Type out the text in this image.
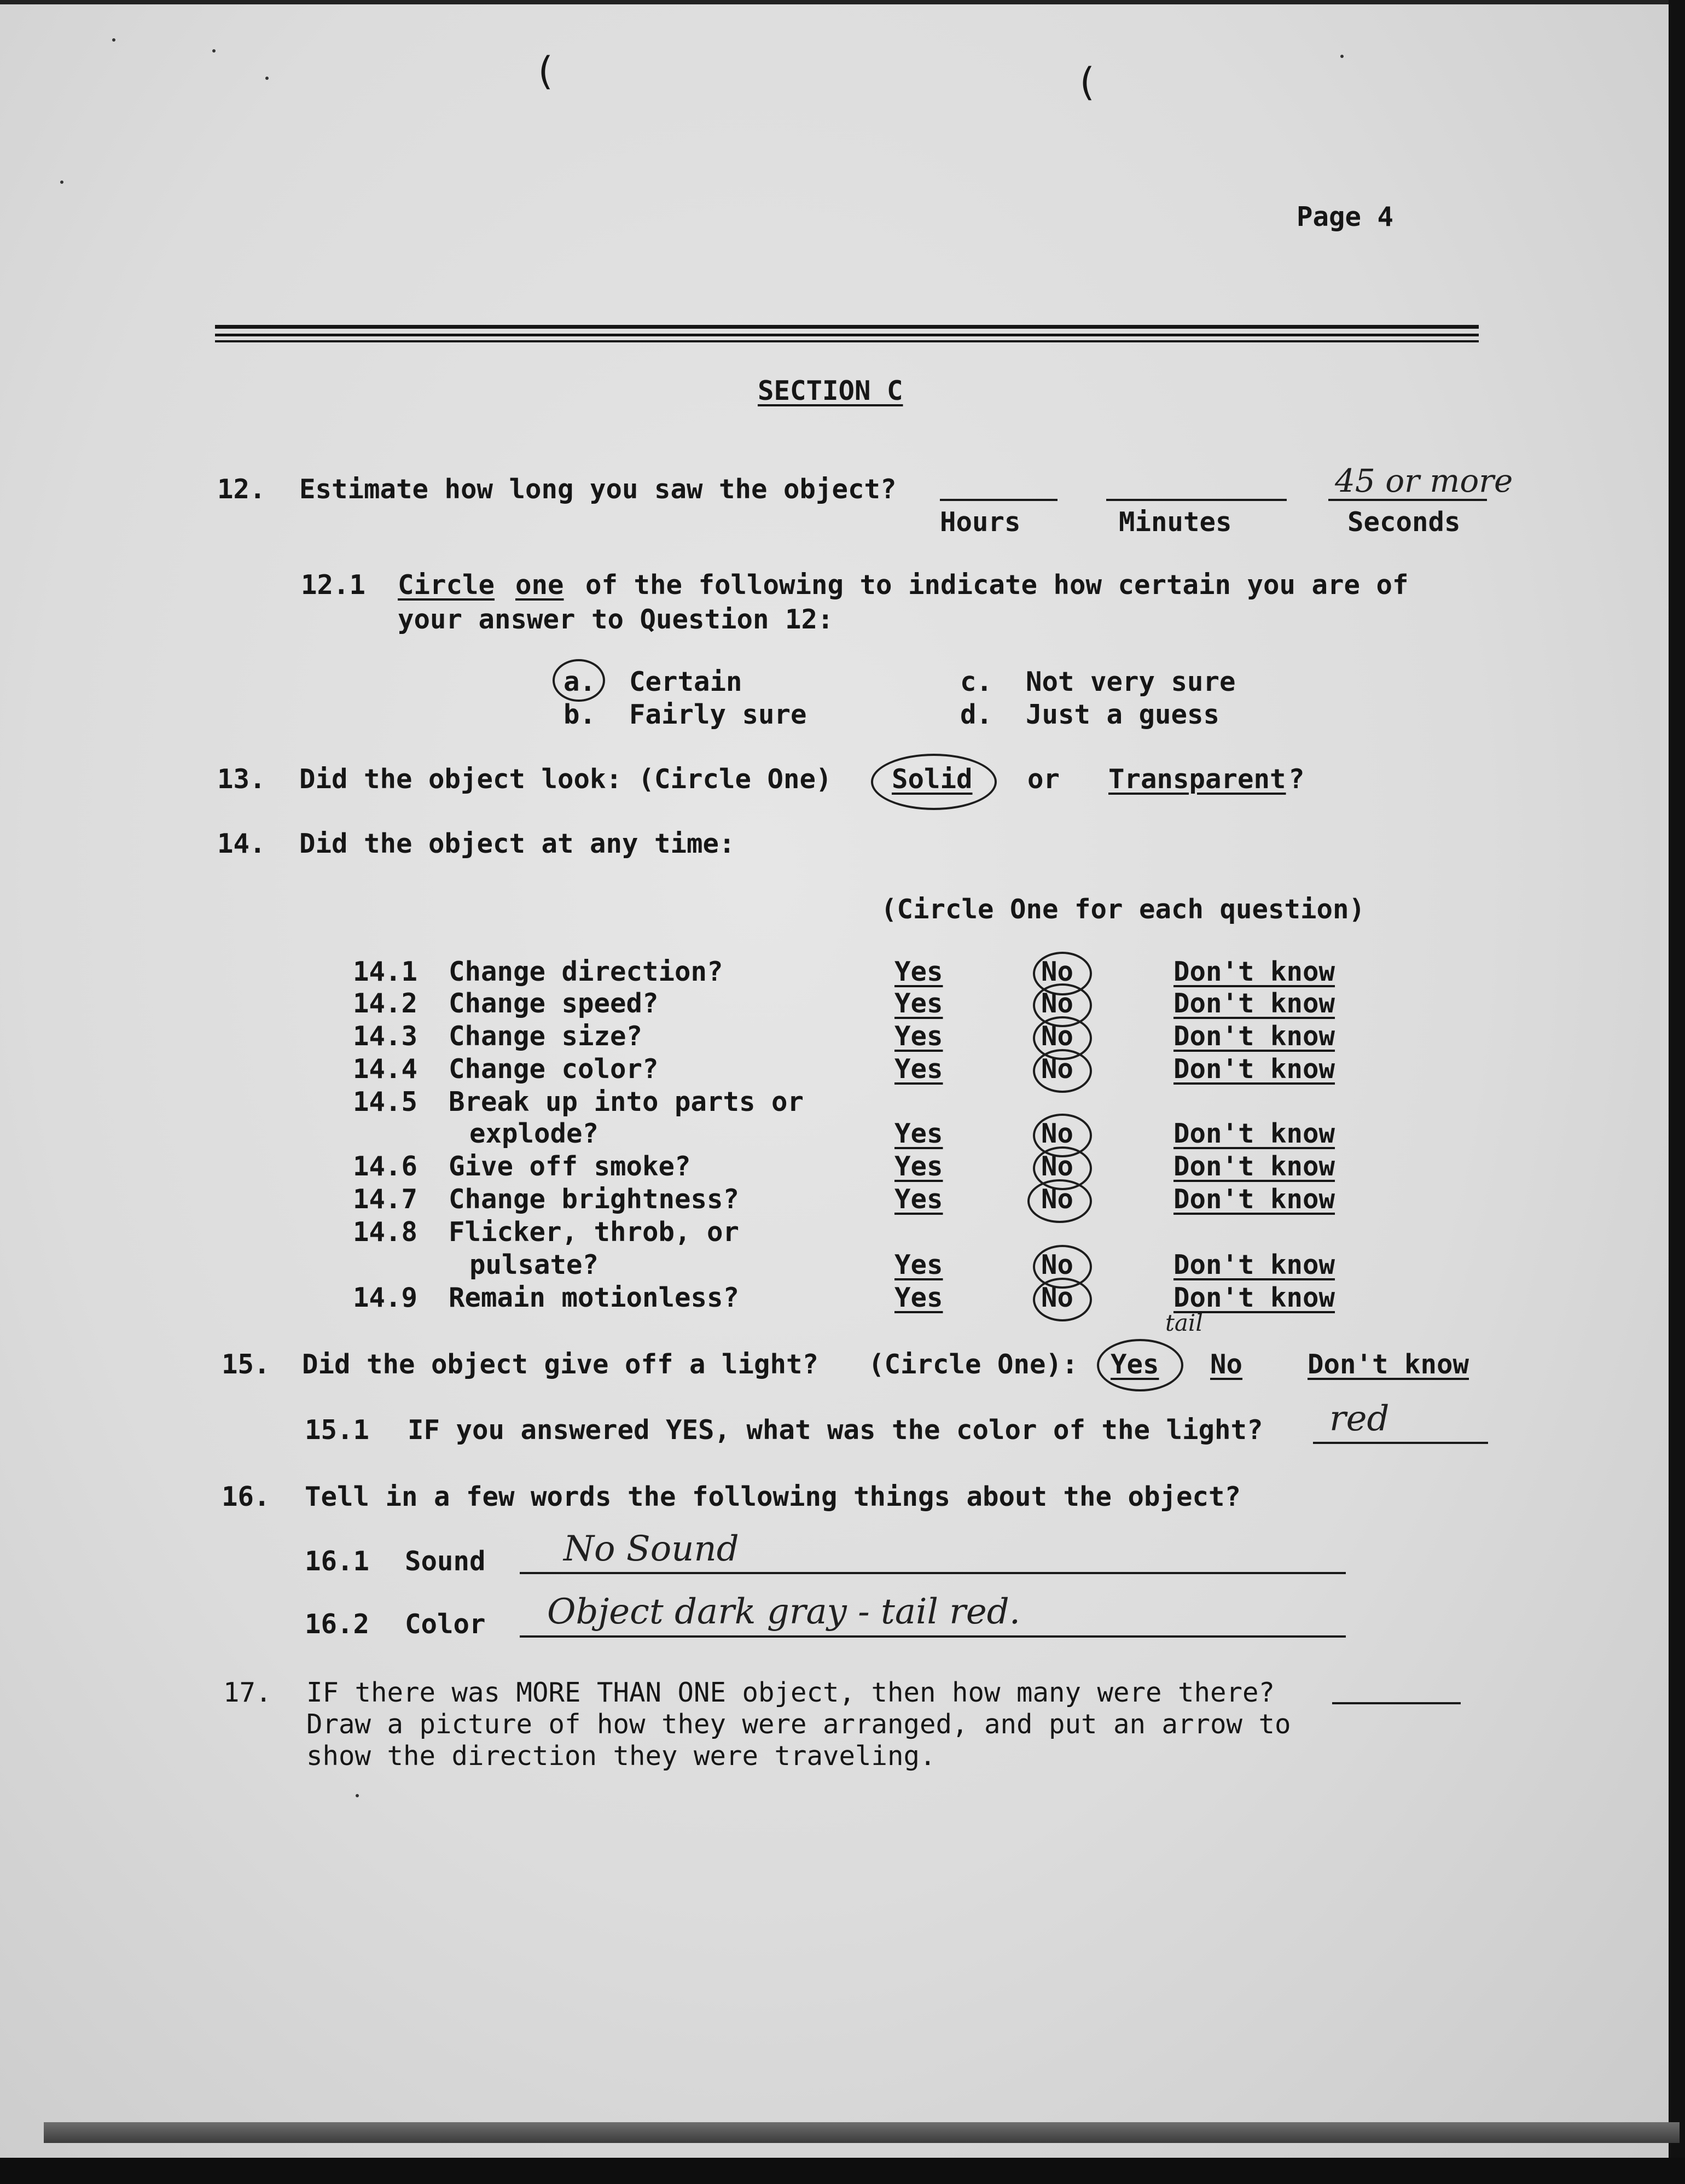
(	(
Page 4
SECTION C
12. Estimate how long you saw the object?	45 or more
Hours	Minutes	Seconds
12.1 Circle one of the following to indicate how certain you are of
your answer to Question 12:
a. Certain
b. Fairly sure
c. Not very sure
d. Just a guess
13. Did the object look: (Circle One) Solid or Transparent ?
14. Did the object at any time:
(Circle One for each question)
14.1 Change direction?	Yes	No	Don't know
14.2 Change speed?	Yes	No	Don't know
14.3 Change size?	Yes	No	Don't know
14.4 Change color?	Yes	No	Don't know
14.5 Break up into parts or
explode?	Yes	No	Don't know
14.6 Give off smoke?	Yes	No	Don't know
14.7 Change brightness?	Yes	No	Don't know
14.8 Flicker, throb, or
pulsate?	Yes	No	Don't know
14.9 Remain motionless?	Yes	No	Don't know
15. Did the object give off a light? (Circle One): Yes
tail
No Don't know
15.1 IF you answered YES, what was the color of the light? red
16. Tell in a few words the following things about the object?
16.1 Sound No Sound
16.2 Color Object dark gray - tail red.
17. IF there was MORE THAN ONE object, then how many were there?
Draw a picture of how they were arranged, and put an arrow to
show the direction they were traveling.
